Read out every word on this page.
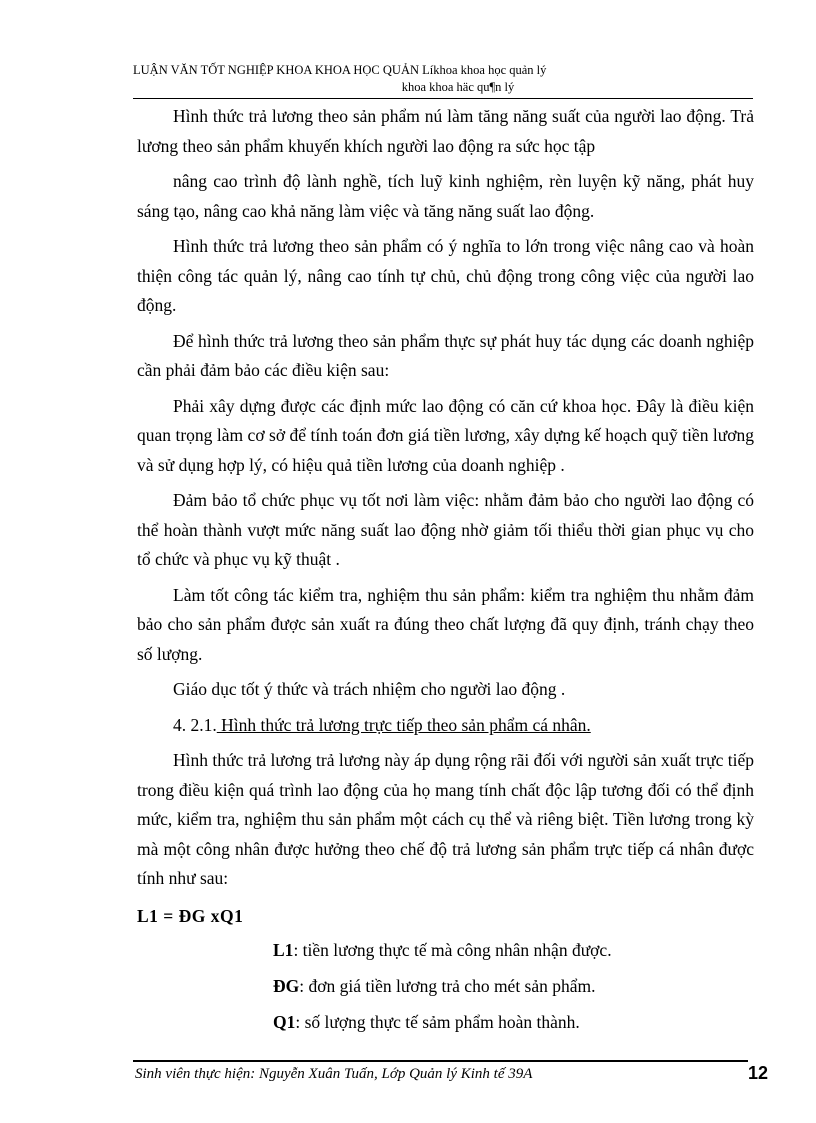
LUẬN VĂN TỐT NGHIỆP KHOA KHOA HỌC QUẢN Líkhoa khoa học quản lý
khoa khoa häc qu¶n lý

Hình thức trả lương theo sản phẩm nú làm tăng năng suất của người lao động. Trả lương theo sản phẩm khuyến khích người lao động ra sức học tập

nâng cao trình độ lành nghề, tích luỹ kinh nghiệm, rèn luyện kỹ năng, phát huy sáng tạo, nâng cao khả năng làm việc và tăng năng suất lao động.

Hình thức trả lương theo sản phẩm có ý nghĩa to lớn trong việc nâng cao và hoàn thiện công tác quản lý, nâng cao tính tự chủ, chủ động trong công việc của người lao động.

Để hình thức trả lương theo sản phẩm thực sự phát huy tác dụng các doanh nghiệp cần phải đảm bảo các điều kiện sau:

Phải xây dựng được các định mức lao động có căn cứ khoa học. Đây là điều kiện quan trọng làm cơ sở để tính toán đơn giá tiền lương, xây dựng kế hoạch quỹ tiền lương và sử dụng hợp lý, có hiệu quả tiền lương của doanh nghiệp .

Đảm bảo tổ chức phục vụ tốt nơi làm việc: nhằm đảm bảo cho người lao động có thể hoàn thành vượt mức năng suất lao động nhờ giảm tối thiểu thời gian phục vụ cho tổ chức và phục vụ kỹ thuật .

Làm tốt công tác kiểm tra, nghiệm thu sản phẩm: kiểm tra nghiệm thu nhằm đảm bảo cho sản phẩm được sản xuất ra đúng theo chất lượng đã quy định, tránh chạy theo số lượng.

Giáo dục tốt ý thức và trách nhiệm cho người lao động .

4. 2.1. Hình thức trả lương trực tiếp theo sản phẩm cá nhân.

Hình thức trả lương trả lương này áp dụng rộng rãi đối với người sản xuất trực tiếp trong điều kiện quá trình lao động của họ mang tính chất độc lập tương đối có thể định mức, kiểm tra, nghiệm thu sản phẩm một cách cụ thể và riêng biệt. Tiền lương trong kỳ mà một công nhân được hưởng theo chế độ trả lương sản phẩm trực tiếp cá nhân được tính như sau:

L1 = ĐG xQ1

L1: tiền lương thực tế mà công nhân nhận được.

ĐG: đơn giá tiền lương trả cho mét sản phẩm.

Q1: số lượng thực tế sảm phẩm hoàn thành.

Sinh viên thực hiện: Nguyễn Xuân Tuấn, Lớp Quản lý Kinh tế 39A	12
